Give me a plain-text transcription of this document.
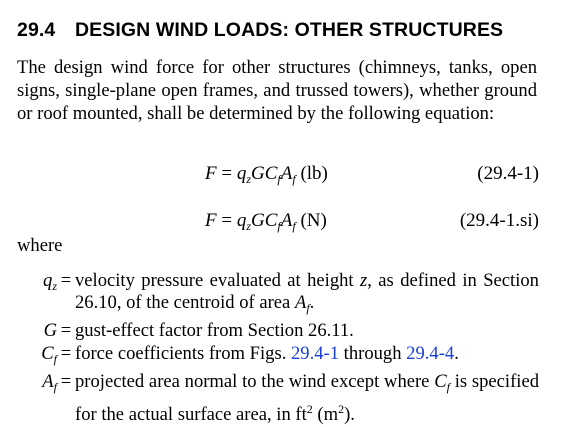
29.4 DESIGN WIND LOADS: OTHER STRUCTURES
The design wind force for other structures (chimneys, tanks, open signs, single-plane open frames, and trussed towers), whether ground or roof mounted, shall be determined by the following equation:
$F = q_zGC_fA_f$ (lb)	(29.4-1)
$F = q_zGC_fA_f$ (N)	(29.4-1.si)
where
$q_z$ = velocity pressure evaluated at height z, as defined in Section 26.10, of the centroid of area $A_f$.
G = gust-effect factor from Section 26.11.
$C_f$ = force coefficients from Figs. 29.4-1 through 29.4-4.
$A_f$ = projected area normal to the wind except where $C_f$ is specified for the actual surface area, in $ft^2$ $(m^2)$.
